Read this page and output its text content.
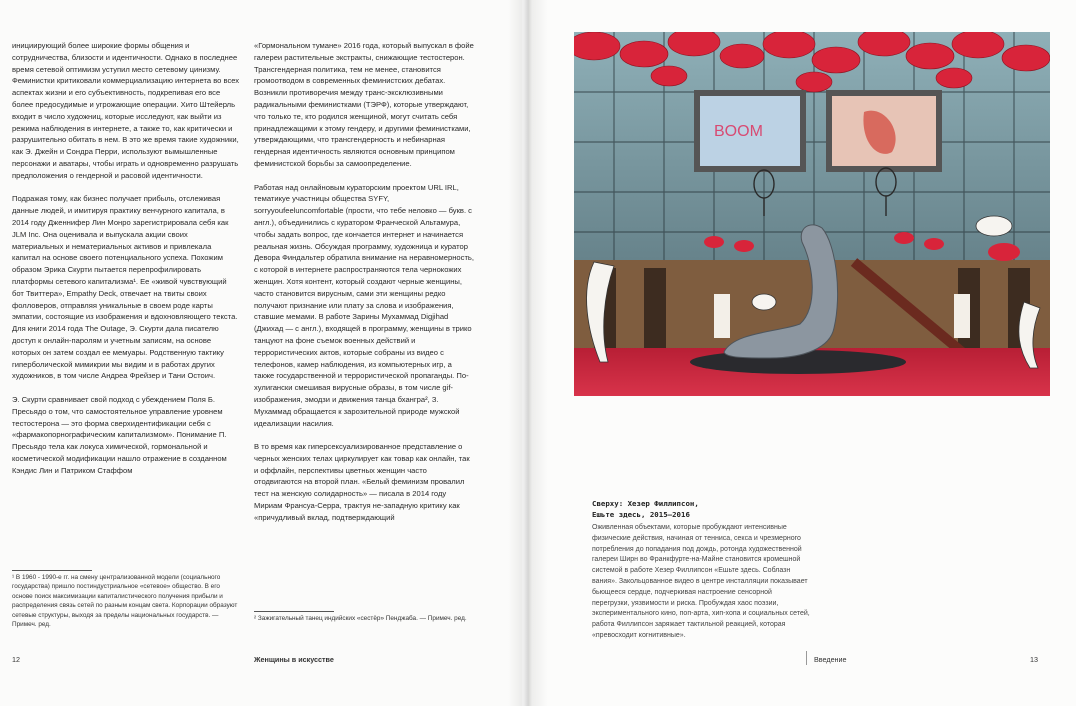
инициирующий более широкие формы общения и сотрудничества, близости и идентичности. Однако в последнее время сетевой оптимизм уступил место сетевому цинизму. Феминистки критиковали коммерциализацию интернета во всех аспектах жизни и его субъективность, подкрепивая его все более предосудимые и угрожающие операции. Хито Штейерль входит в число художниц, которые исследуют, как выйти из режима наблюдения в интернете, а также то, как критически и разрушительно обитать в нем. В это же время такие художники, как Э. Джейн и Сондра Перри, используют вымышленные персонажи и аватары, чтобы играть и одновременно разрушать предположения о гендерной и расовой идентичности.

Подражая тому, как бизнес получает прибыль, отслеживая данные людей, и имитируя практику венчурного капитала, в 2014 году Дженнифер Лин Монро зарегистрировала себя как JLM Inc. Она оценивала и выпускала акции своих материальных и нематериальных активов и привлекала капитал на основе своего потенциального успеха. Похожим образом Эрика Скурти пытается перепрофилировать платформы сетевого капитализма¹. Ее «живой чувствующий бот Твиттера», Empathy Deck, отвечает на твиты своих фолловеров, отправляя уникальные в своем роде карты эмпатии, состоящие из изображения и вдохновляющего текста. Для книги 2014 года The Outage, Э. Скурти дала писателю доступ к онлайн-паролям и учетным записям, на основе которых он затем создал ее мемуары. Родственную тактику гиперболической мимикрии мы видим и в работах других художников, в том числе Андреа Фрейзер и Тани Остоич.

Э. Скурти сравнивает свой подход с убеждением Поля Б. Пресьядо о том, что самостоятельное управление уровнем тестостерона — это форма сверхидентификации себя с «фармакопорнографическим капитализмом». Понимание П. Пресьядо тела как локуса химической, гормональной и косметической модификации нашло отражение в созданном Кэндис Лин и Патриком Стаффом

«Гормональном тумане» 2016 года, который выпускал в фойе галереи растительные экстракты, снижающие тестостерон. Трансгендерная политика, тем не менее, становится громоотводом в современных феминистских дебатах. Возникли противоречия между транс-эксклюзивными радикальными феминистками (ТЭРФ), которые утверждают, что только те, кто родился женщиной, могут считать себя принадлежащими к этому гендеру, и другими феминистками, утверждающими, что трансгендерность и небинарная гендерная идентичность являются основным принципом феминистской борьбы за самоопределение.

Работая над онлайновым кураторским проектом URL IRL, тематикуе участницы общества SYFY, sorryyoufeeluncomfortable (прости, что тебе неловко — букв. с англ.), объединились с куратором Франческой Альтамура, чтобы задать вопрос, где кончается интернет и начинается реальная жизнь. Обсуждая программу, художница и куратор Девора Финдальтер обратила внимание на неравномерность, с которой в интернете распространяются тела чернокожих женщин. Хотя контент, который создают черные женщины, часто становится вирусным, сами эти женщины редко получают признание или плату за слова и изображения, ставшие мемами. В работе Зарины Мухаммад Digjihad (Джихад — с англ.), входящей в программу, женщины в трико танцуют на фоне съемок военных действий и террористических актов, которые собраны из видео с телефонов, камер наблюдения, из компьютерных игр, а также государственной и террористической пропаганды. По-хулигански смешивая вирусные образы, в том числе gif-изображения, эмодзи и движения танца бхангра², З. Мухаммад обращается к зарозительной природе мужской идеализации насилия.

В то время как гиперсексуализированное представление о черных женских телах циркулирует как товар как онлайн, так и оффлайн, перспективы цветных женщин часто отодвигаются на второй план. «Белый феминизм провалил тест на женскую солидарность» — писала в 2014 году Мириам Франсуа-Серра, трактуя не-западную критику как «причудливый вклад, подтверждающий

¹ В 1960 - 1990-е гг. на смену централизованной модели (социального государства) пришло постиндустриальное «сетевое» общество. В его основе поиск максимизации капиталистического получения прибыли и распределения связь сетей по разным концам света. Корпорации образуют сетевые структуры, выходя за пределы национальных государств. — Примеч. ред.
² Зажигательный танец индийских «сестёр» Пенджаба. — Примеч. ред.
12	Женщины в искусстве
BOOM
Сверху: Хезер Филлипсон,
Ешьте здесь, 2015—2016
Оживленная объектами, которые пробуждают интенсивные физические действия, начиная от тенниса, секса и чрезмерного потребления до попадания под дождь, ротонда художественной галереи Ширн во Франкфурте-на-Майне становится кромешной системой в работе Хезер Филлипсон «Ешьте здесь. Соблазн вания». Закольцованное видео в центре инсталляции показывает бьющееся сердце, подчеркивая настроение сенсорной перегрузки, уязвимости и риска. Пробуждая хаос поэзии, экспериментального кино, поп-арта, хип-хопа и социальных сетей, работа Филлипсон заряжает тактильной реакцией, которая «превосходит когнитивные».
Введение	13
